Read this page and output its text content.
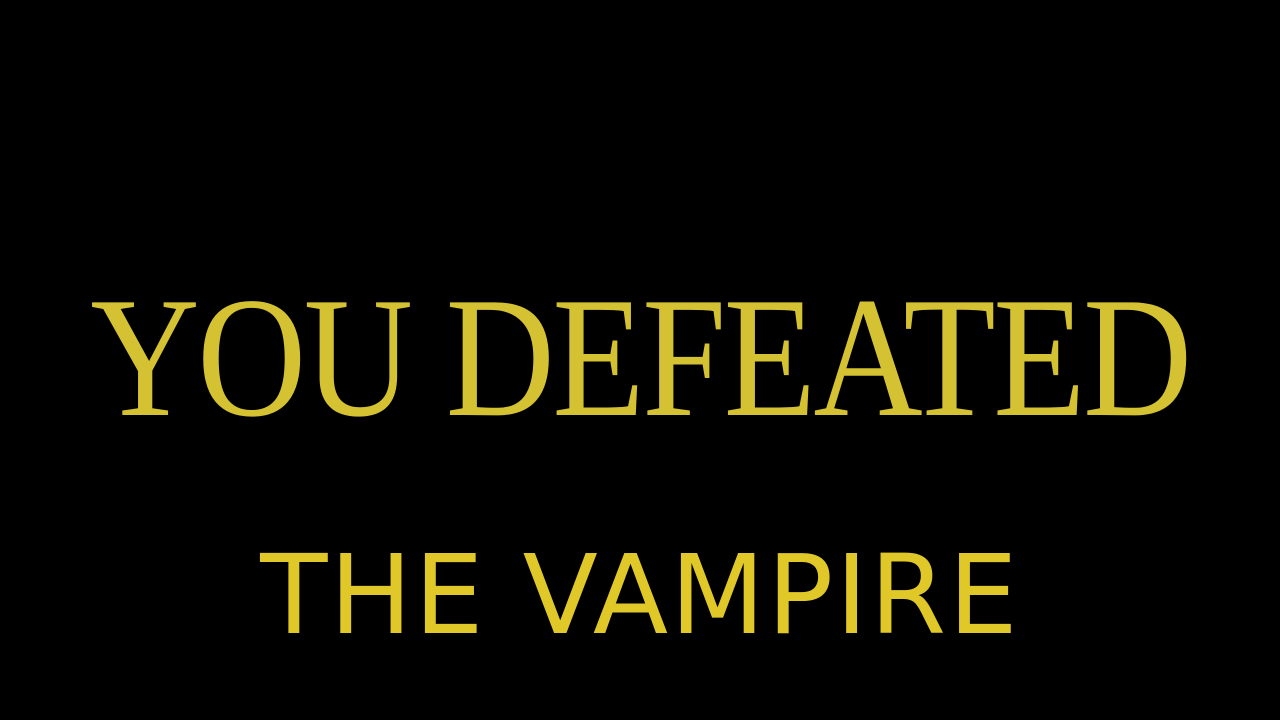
YOU DEFEATED
THE VAMPIRE
